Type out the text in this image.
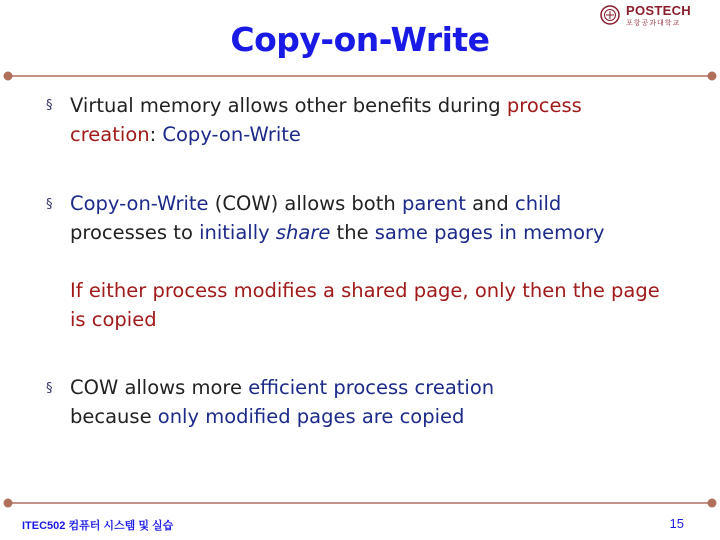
Copy-on-Write
POSTECH
포항공과대학교
§ Virtual memory allows other benefits during process
creation: Copy-on-Write
§ Copy-on-Write (COW) allows both parent and child
processes to initially share the same pages in memory
If either process modifies a shared page, only then the page is copied
§ COW allows more efficient process creation
because only modified pages are copied
ITEC502 컴퓨터 시스템 및 실습	15
